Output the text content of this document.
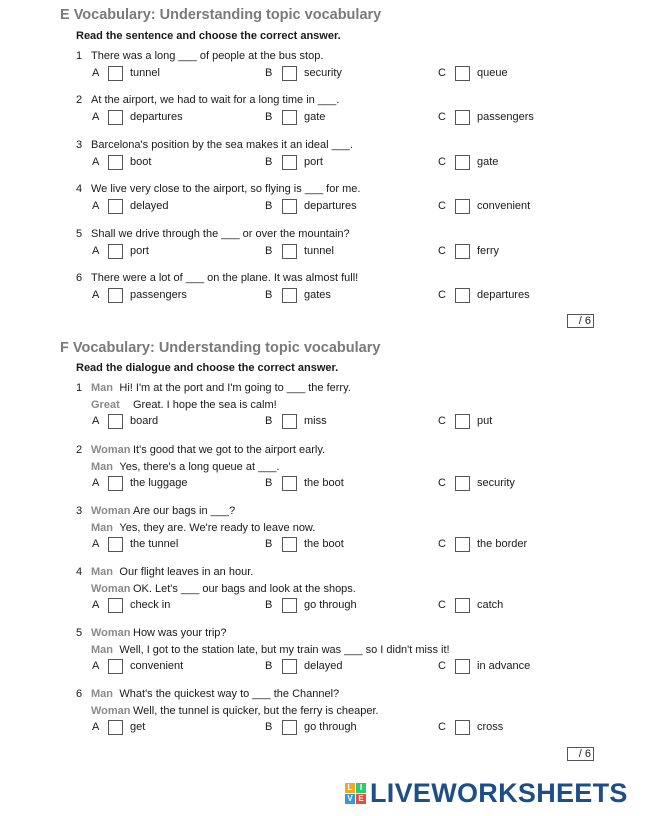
E Vocabulary: Understanding topic vocabulary
Read the sentence and choose the correct answer.
1 There was a long ___ of people at the bus stop.
A	tunnel	B	security	C	queue
2 At the airport, we had to wait for a long time in ___.
A	departures	B	gate	C	passengers
3 Barcelona's position by the sea makes it an ideal ___.
A	boot	B	port	C	gate
4 We live very close to the airport, so flying is ___ for me.
A	delayed	B	departures	C	convenient
5 Shall we drive through the ___ or over the mountain?
A	port	B	tunnel	C	ferry
6 There were a lot of ___ on the plane. It was almost full!
A	passengers	B	gates	C	departures
/ 6
F Vocabulary: Understanding topic vocabulary
Read the dialogue and choose the correct answer.
1 Man Hi! I'm at the port and I'm going to ___ the ferry.
Great Great. I hope the sea is calm!
A	board	B	miss	C	put
2 Woman It's good that we got to the airport early.
Man Yes, there's a long queue at ___.
A	the luggage	B	the boot	C	security
3 Woman Are our bags in ___?
Man Yes, they are. We're ready to leave now.
A	the tunnel	B	the boot	C	the border
4 Man Our flight leaves in an hour.
Woman OK. Let's ___ our bags and look at the shops.
A	check in	B	go through	C	catch
5 Woman How was your trip?
Man Well, I got to the station late, but my train was ___ so I didn't miss it!
A	convenient	B	delayed	C	in advance
6 Man What's the quickest way to ___ the Channel?
Woman Well, the tunnel is quicker, but the ferry is cheaper.
A	get	B	go through	C	cross
/ 6
L I
V E LIVEWORKSHEETS
